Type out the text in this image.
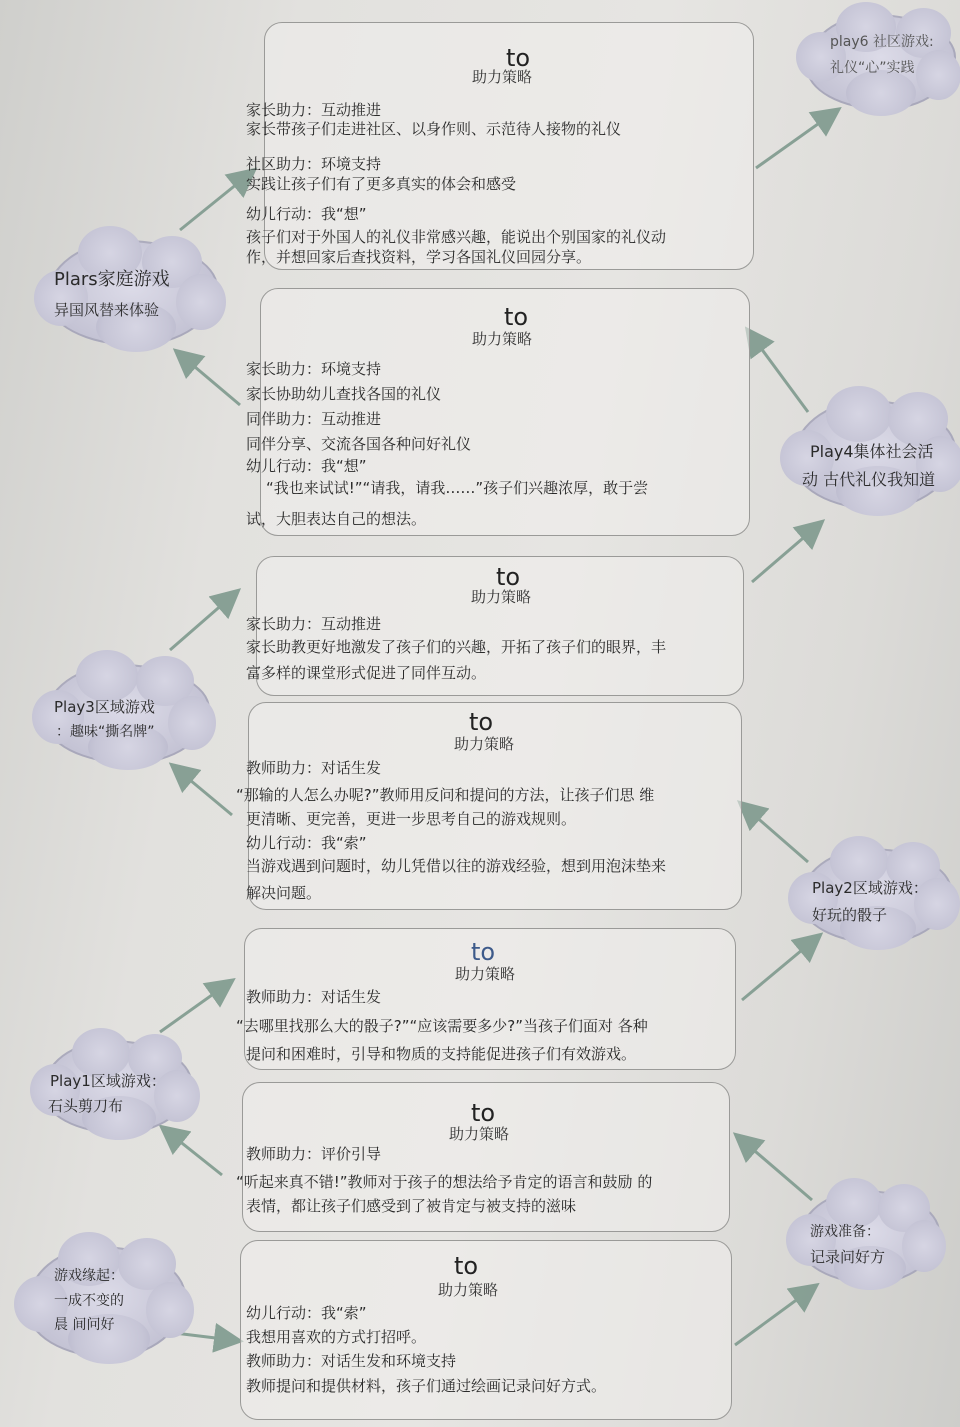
to
助力策略
家长助力：互动推进
家长带孩子们走进社区、以身作则、示范待人接物的礼仪
社区助力：环境支持
实践让孩子们有了更多真实的体会和感受
幼儿行动：我“想”
孩子们对于外国人的礼仪非常感兴趣，能说出个别国家的礼仪动
作，并想回家后查找资料，学习各国礼仪回园分享。
to
助力策略
家长助力：环境支持
家长协助幼儿查找各国的礼仪
同伴助力：互动推进
同伴分享、交流各国各种问好礼仪
幼儿行动：我“想”
“我也来试试!”“请我，请我……”孩子们兴趣浓厚，敢于尝
试，大胆表达自己的想法。
to
助力策略
家长助力：互动推进
家长助教更好地激发了孩子们的兴趣，开拓了孩子们的眼界，丰
富多样的课堂形式促进了同伴互动。
to
助力策略
教师助力：对话生发
“那输的人怎么办呢?”教师用反问和提问的方法，让孩子们思 维
更清晰、更完善，更进一步思考自己的游戏规则。
幼儿行动：我“索”
当游戏遇到问题时，幼儿凭借以往的游戏经验，想到用泡沫垫来
解决问题。
to
助力策略
教师助力：对话生发
“去哪里找那么大的骰子?”“应该需要多少?”当孩子们面对 各种
提问和困难时，引导和物质的支持能促进孩子们有效游戏。
to
助力策略
教师助力：评价引导
“听起来真不错!”教师对于孩子的想法给予肯定的语言和鼓励 的
表情，都让孩子们感受到了被肯定与被支持的滋味
to
助力策略
幼儿行动：我“索”
我想用喜欢的方式打招呼。
教师助力：对话生发和环境支持
教师提问和提供材料，孩子们通过绘画记录问好方式。
play6 社区游戏:
礼仪“心”实践
Plars家庭游戏
异国风替来体验
Play4集体社会活
动 古代礼仪我知道
Play3区域游戏
：趣味“撕名牌”
Play2区域游戏：
好玩的骰子
Play1区域游戏：
石头剪刀布
游戏准备：
记录问好方
游戏缘起：
一成不变的
晨 间问好
